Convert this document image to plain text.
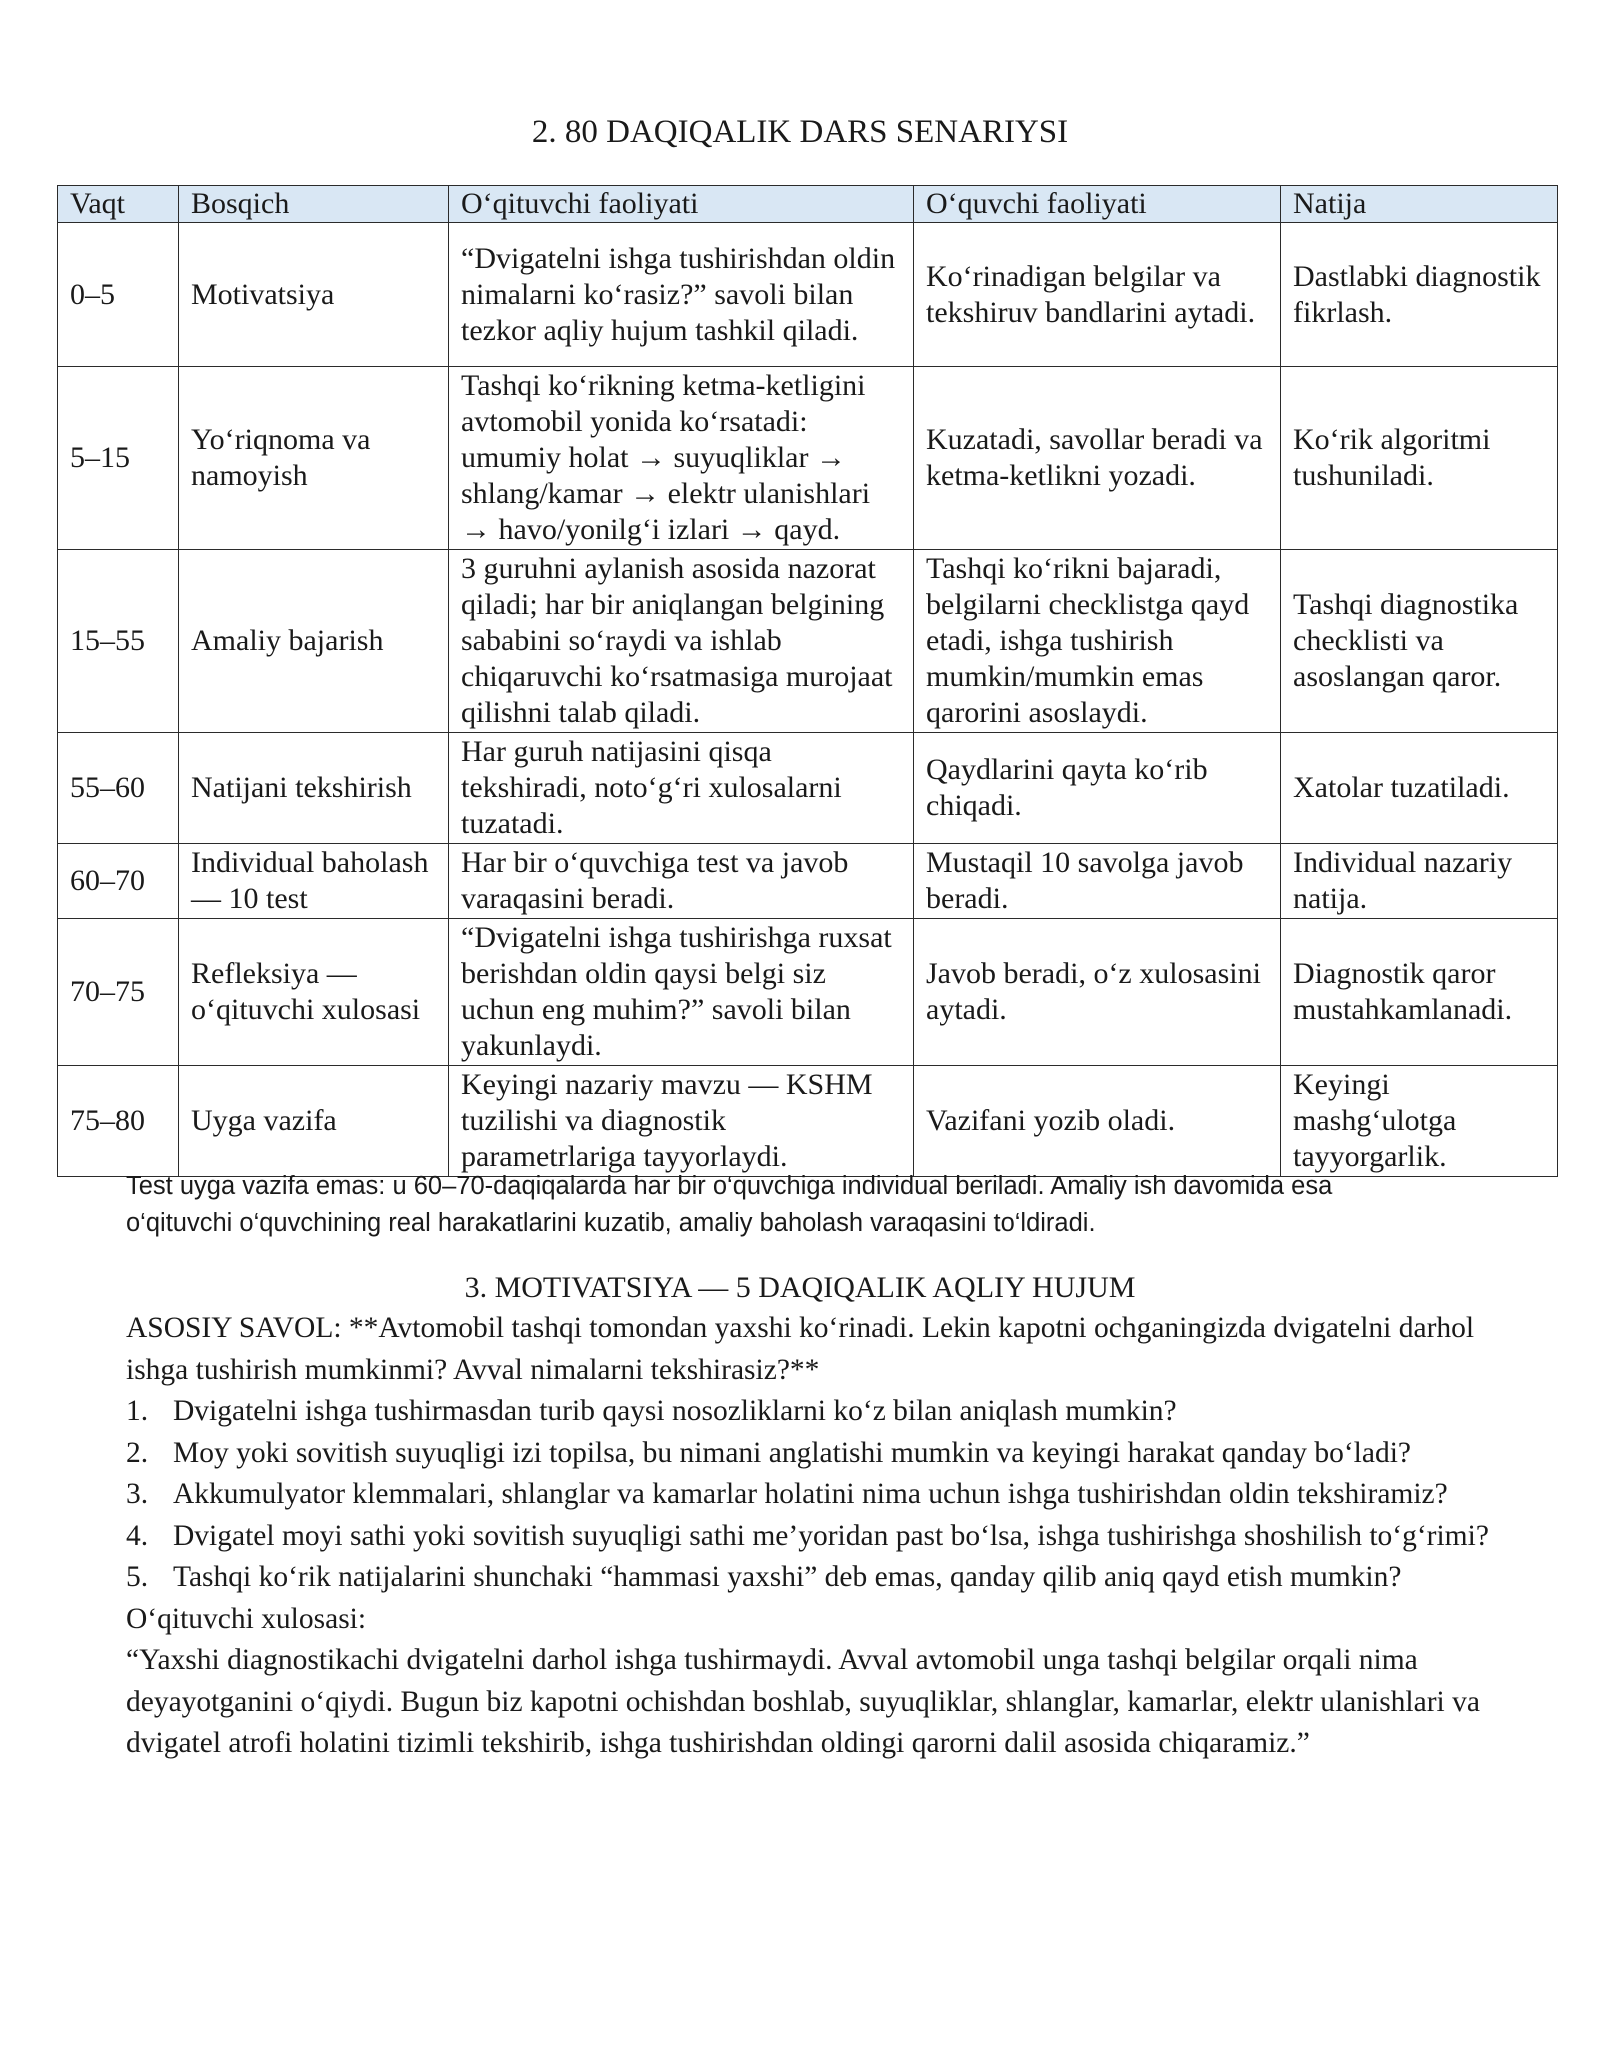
2. 80 DAQIQALIK DARS SENARIYSI
Vaqt	Bosqich	O‘qituvchi faoliyati	O‘quvchi faoliyati	Natija
0–5	Motivatsiya	“Dvigatelni ishga tushirishdan oldin nimalarni ko‘rasiz?” savoli bilan tezkor aqliy hujum tashkil qiladi.	Ko‘rinadigan belgilar va tekshiruv bandlarini aytadi.	Dastlabki diagnostik fikrlash.
5–15	Yo‘riqnoma va namoyish	Tashqi ko‘rikning ketma-ketligini avtomobil yonida ko‘rsatadi: umumiy holat → suyuqliklar → shlang/kamar → elektr ulanishlari → havo/yonilg‘i izlari → qayd.	Kuzatadi, savollar beradi va ketma-ketlikni yozadi.	Ko‘rik algoritmi tushuniladi.
15–55	Amaliy bajarish	3 guruhni aylanish asosida nazorat qiladi; har bir aniqlangan belgining sababini so‘raydi va ishlab chiqaruvchi ko‘rsatmasiga murojaat qilishni talab qiladi.	Tashqi ko‘rikni bajaradi, belgilarni checklistga qayd etadi, ishga tushirish mumkin/mumkin emas qarorini asoslaydi.	Tashqi diagnostika checklisti va asoslangan qaror.
55–60	Natijani tekshirish	Har guruh natijasini qisqa tekshiradi, noto‘g‘ri xulosalarni tuzatadi.	Qaydlarini qayta ko‘rib chiqadi.	Xatolar tuzatiladi.
60–70	Individual baholash — 10 test	Har bir o‘quvchiga test va javob varaqasini beradi.	Mustaqil 10 savolga javob beradi.	Individual nazariy natija.
70–75	Refleksiya — o‘qituvchi xulosasi	“Dvigatelni ishga tushirishga ruxsat berishdan oldin qaysi belgi siz uchun eng muhim?” savoli bilan yakunlaydi.	Javob beradi, o‘z xulosasini aytadi.	Diagnostik qaror mustahkamlanadi.
75–80	Uyga vazifa	Keyingi nazariy mavzu — KSHM tuzilishi va diagnostik parametrlariga tayyorlaydi.	Vazifani yozib oladi.	Keyingi mashg‘ulotga tayyorgarlik.

Test uyga vazifa emas: u 60–70-daqiqalarda har bir o‘quvchiga individual beriladi. Amaliy ish davomida esa

o‘qituvchi o‘quvchining real harakatlarini kuzatib, amaliy baholash varaqasini to‘ldiradi.

3. MOTIVATSIYA — 5 DAQIQALIK AQLIY HUJUM

ASOSIY SAVOL: **Avtomobil tashqi tomondan yaxshi ko‘rinadi. Lekin kapotni ochganingizda dvigatelni darhol ishga tushirish mumkinmi? Avval nimalarni tekshirasiz?**

1. Dvigatelni ishga tushirmasdan turib qaysi nosozliklarni ko‘z bilan aniqlash mumkin?
2. Moy yoki sovitish suyuqligi izi topilsa, bu nimani anglatishi mumkin va keyingi harakat qanday bo‘ladi?
3. Akkumulyator klemmalari, shlanglar va kamarlar holatini nima uchun ishga tushirishdan oldin tekshiramiz?
4. Dvigatel moyi sathi yoki sovitish suyuqligi sathi me’yoridan past bo‘lsa, ishga tushirishga shoshilish to‘g‘rimi?
5. Tashqi ko‘rik natijalarini shunchaki “hammasi yaxshi” deb emas, qanday qilib aniq qayd etish mumkin?

O‘qituvchi xulosasi:

“Yaxshi diagnostikachi dvigatelni darhol ishga tushirmaydi. Avval avtomobil unga tashqi belgilar orqali nima deyayotganini o‘qiydi. Bugun biz kapotni ochishdan boshlab, suyuqliklar, shlanglar, kamarlar, elektr ulanishlari va dvigatel atrofi holatini tizimli tekshirib, ishga tushirishdan oldingi qarorni dalil asosida chiqaramiz.”
